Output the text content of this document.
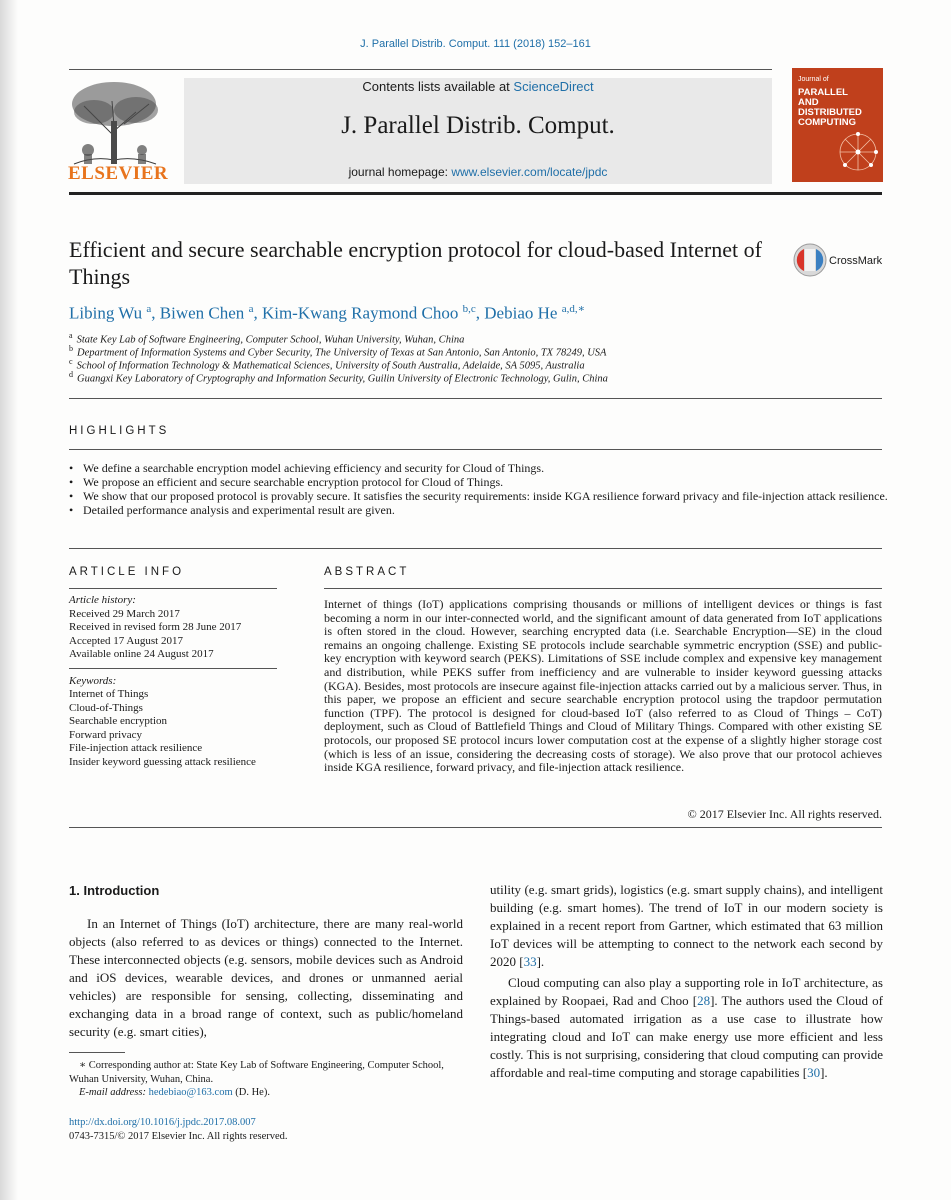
J. Parallel Distrib. Comput. 111 (2018) 152–161
ELSEVIER
Contents lists available at ScienceDirect
J. Parallel Distrib. Comput.
journal homepage: www.elsevier.com/locate/jpdc
Journal of
PARALLEL AND DISTRIBUTED COMPUTING
Efficient and secure searchable encryption protocol for cloud-based Internet of Things
CrossMark
Libing Wu $^a$, Biwen Chen $^a$, Kim-Kwang Raymond Choo $^{b,c}$, Debiao He $^{a,d,∗}$
$^a$ State Key Lab of Software Engineering, Computer School, Wuhan University, Wuhan, China
$^b$ Department of Information Systems and Cyber Security, The University of Texas at San Antonio, San Antonio, TX 78249, USA
$^c$ School of Information Technology & Mathematical Sciences, University of South Australia, Adelaide, SA 5095, Australia
$^d$ Guangxi Key Laboratory of Cryptography and Information Security, Guilin University of Electronic Technology, Gulin, China
HIGHLIGHTS
• We define a searchable encryption model achieving efficiency and security for Cloud of Things.
• We propose an efficient and secure searchable encryption protocol for Cloud of Things.
• We show that our proposed protocol is provably secure. It satisfies the security requirements: inside KGA resilience forward privacy and file-injection attack resilience.
• Detailed performance analysis and experimental result are given.
ARTICLE INFO	ABSTRACT
Article history:
Received 29 March 2017
Received in revised form 28 June 2017
Accepted 17 August 2017
Available online 24 August 2017
Keywords:
Internet of Things
Cloud-of-Things
Searchable encryption
Forward privacy
File-injection attack resilience
Insider keyword guessing attack resilience
Internet of things (IoT) applications comprising thousands or millions of intelligent devices or things is fast becoming a norm in our inter-connected world, and the significant amount of data generated from IoT applications is often stored in the cloud. However, searching encrypted data (i.e. Searchable Encryption—SE) in the cloud remains an ongoing challenge. Existing SE protocols include searchable symmetric encryption (SSE) and public-key encryption with keyword search (PEKS). Limitations of SSE include complex and expensive key management and distribution, while PEKS suffer from inefficiency and are vulnerable to insider keyword guessing attacks (KGA). Besides, most protocols are insecure against file-injection attacks carried out by a malicious server. Thus, in this paper, we propose an efficient and secure searchable encryption protocol using the trapdoor permutation function (TPF). The protocol is designed for cloud-based IoT (also referred to as Cloud of Things – CoT) deployment, such as Cloud of Battlefield Things and Cloud of Military Things. Compared with other existing SE protocols, our proposed SE protocol incurs lower computation cost at the expense of a slightly higher storage cost (which is less of an issue, considering the decreasing costs of storage). We also prove that our protocol achieves inside KGA resilience, forward privacy, and file-injection attack resilience.
© 2017 Elsevier Inc. All rights reserved.
1. Introduction
In an Internet of Things (IoT) architecture, there are many real-world objects (also referred to as devices or things) connected to the Internet. These interconnected objects (e.g. sensors, mobile devices such as Android and iOS devices, wearable devices, and drones or unmanned aerial vehicles) are responsible for sensing, collecting, disseminating and exchanging data in a broad range of context, such as public/homeland security (e.g. smart cities),
utility (e.g. smart grids), logistics (e.g. smart supply chains), and intelligent building (e.g. smart homes). The trend of IoT in our modern society is explained in a recent report from Gartner, which estimated that 63 million IoT devices will be attempting to connect to the network each second by 2020 [33].
Cloud computing can also play a supporting role in IoT architecture, as explained by Roopaei, Rad and Choo [28]. The authors used the Cloud of Things-based automated irrigation as a use case to illustrate how integrating cloud and IoT can make energy use more efficient and less costly. This is not surprising, considering that cloud computing can provide affordable and real-time computing and storage capabilities [30].
∗ Corresponding author at: State Key Lab of Software Engineering, Computer School, Wuhan University, Wuhan, China.
E-mail address: hedebiao@163.com (D. He).
http://dx.doi.org/10.1016/j.jpdc.2017.08.007
0743-7315/© 2017 Elsevier Inc. All rights reserved.
